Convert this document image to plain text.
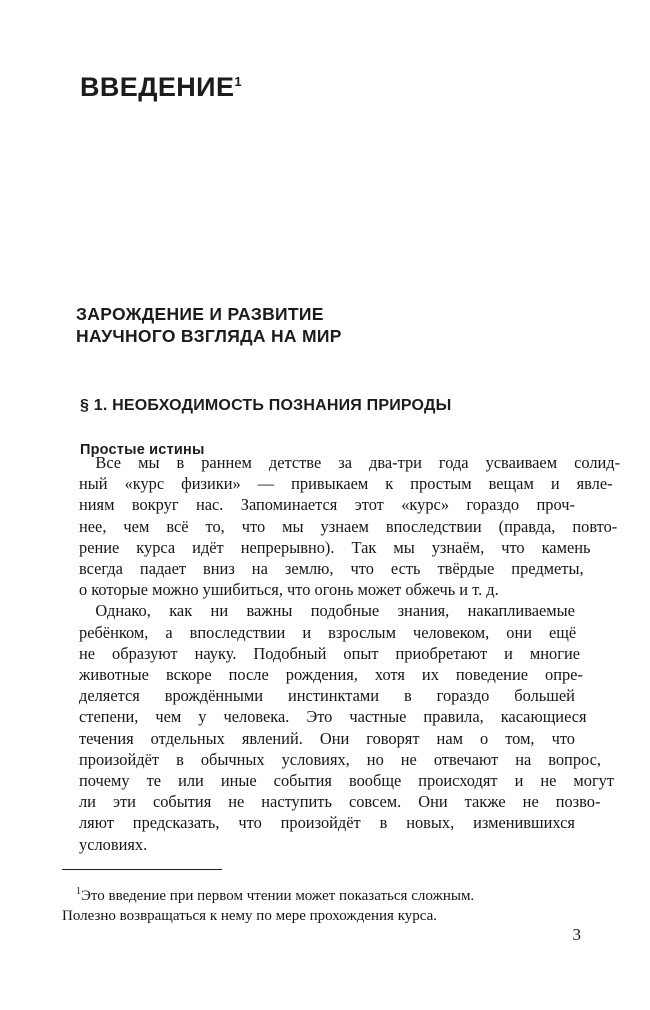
ВВЕДЕНИЕ$^1$
ЗАРОЖДЕНИЕ И РАЗВИТИЕ
НАУЧНОГО ВЗГЛЯДА НА МИР
§ 1. НЕОБХОДИМОСТЬ ПОЗНАНИЯ ПРИРОДЫ
Простые истины

Все	мы	в	раннем	детстве	за	два-три	года	усваиваем	солид-
ный	«курс	физики»	—	привыкаем	к	простым	вещам	и	явле-
ниям	вокруг	нас.	Запоминается	этот	«курс»	гораздо	проч-
нее,	чем	всё	то,	что	мы	узнаем	впоследствии	(правда,	повто-
рение	курса	идёт	непрерывно).	Так	мы	узнаём,	что	камень
всегда	падает	вниз	на	землю,	что	есть	твёрдые	предметы,
о которые можно ушибиться, что огонь может обжечь и т. д.

Однако,	как	ни	важны	подобные	знания,	накапливаемые
ребёнком,	а	впоследствии	и	взрослым	человеком,	они	ещё
не	образуют	науку.	Подобный	опыт	приобретают	и	многие
животные	вскоре	после	рождения,	хотя	их	поведение	опре-
деляется	врождёнными	инстинктами	в	гораздо	большей
степени,	чем	у	человека.	Это	частные	правила,	касающиеся
течения	отдельных	явлений.	Они	говорят	нам	о	том,	что
произойдёт	в	обычных	условиях,	но	не	отвечают	на	вопрос,
почему	те	или	иные	события	вообще	происходят	и	не	могут
ли	эти	события	не	наступить	совсем.	Они	также	не	позво-
ляют	предсказать,	что	произойдёт	в	новых,	изменившихся
условиях.

$^1$Это введение при первом чтении может показаться сложным.
Полезно возвращаться к нему по мере прохождения курса.
3
